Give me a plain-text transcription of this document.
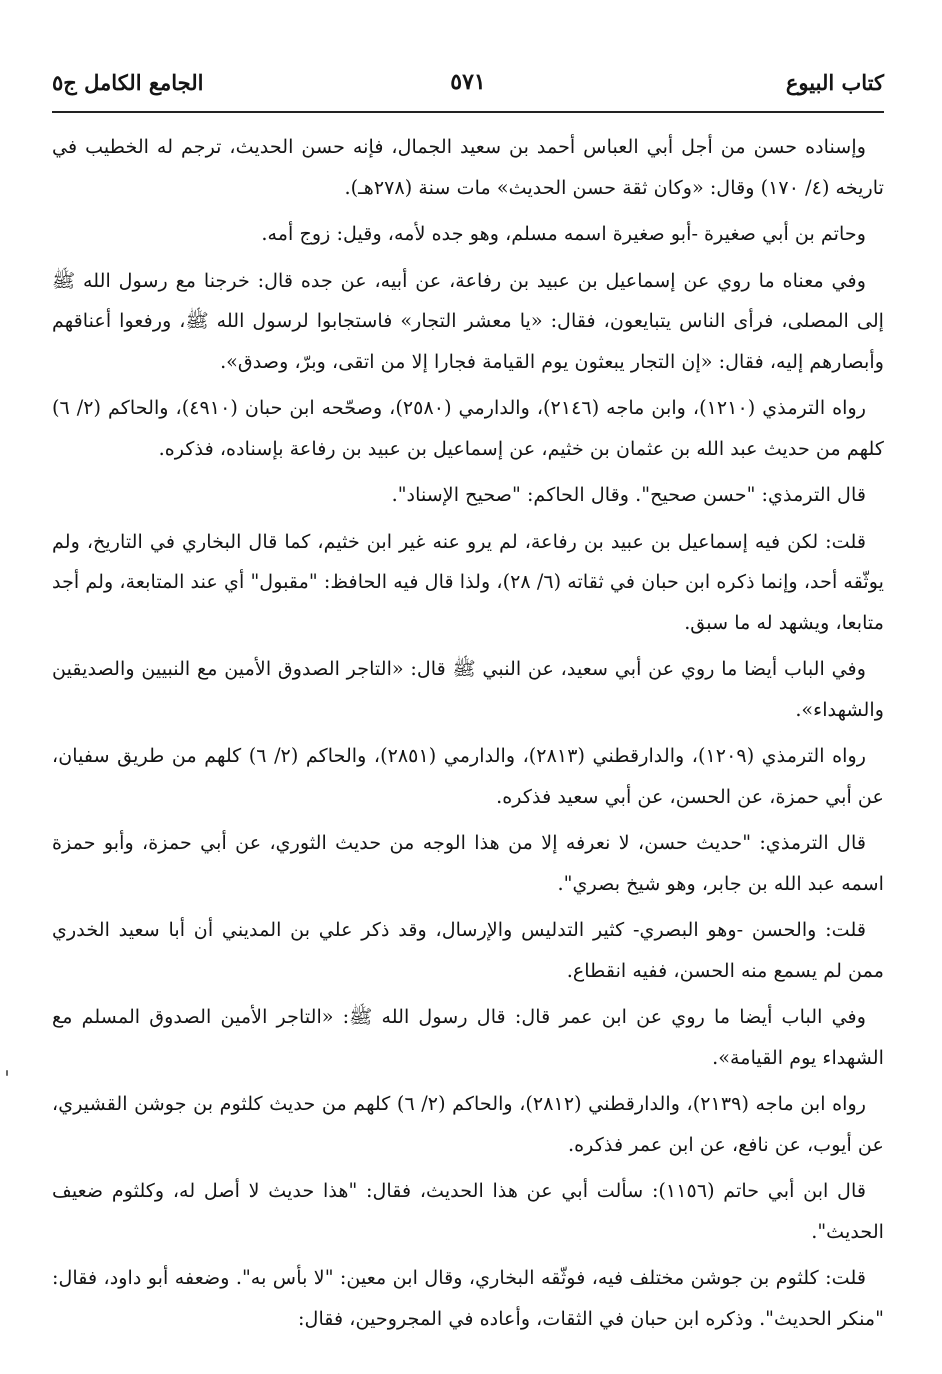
كتاب البيوع
٥٧١
الجامع الكامل ج٥

وإسناده حسن من أجل أبي العباس أحمد بن سعيد الجمال، فإنه حسن الحديث، ترجم له الخطيب في تاريخه (٤/ ١٧٠) وقال: «وكان ثقة حسن الحديث» مات سنة (٢٧٨هـ).

وحاتم بن أبي صغيرة -أبو صغيرة اسمه مسلم، وهو جده لأمه، وقيل: زوج أمه.

وفي معناه ما روي عن إسماعيل بن عبيد بن رفاعة، عن أبيه، عن جده قال: خرجنا مع رسول الله ﷺ إلى المصلى، فرأى الناس يتبايعون، فقال: «يا معشر التجار» فاستجابوا لرسول الله ﷺ، ورفعوا أعناقهم وأبصارهم إليه، فقال: «إن التجار يبعثون يوم القيامة فجارا إلا من اتقى، وبرّ، وصدق».

رواه الترمذي (١٢١٠)، وابن ماجه (٢١٤٦)، والدارمي (٢٥٨٠)، وصحّحه ابن حبان (٤٩١٠)، والحاكم (٢/ ٦) كلهم من حديث عبد الله بن عثمان بن خثيم، عن إسماعيل بن عبيد بن رفاعة بإسناده، فذكره.

قال الترمذي: "حسن صحيح". وقال الحاكم: "صحيح الإسناد".

قلت: لكن فيه إسماعيل بن عبيد بن رفاعة، لم يرو عنه غير ابن خثيم، كما قال البخاري في التاريخ، ولم يوثّقه أحد، وإنما ذكره ابن حبان في ثقاته (٦/ ٢٨)، ولذا قال فيه الحافظ: "مقبول" أي عند المتابعة، ولم أجد متابعا، ويشهد له ما سبق.

وفي الباب أيضا ما روي عن أبي سعيد، عن النبي ﷺ قال: «التاجر الصدوق الأمين مع النبيين والصديقين والشهداء».

رواه الترمذي (١٢٠٩)، والدارقطني (٢٨١٣)، والدارمي (٢٨٥١)، والحاكم (٢/ ٦) كلهم من طريق سفيان، عن أبي حمزة، عن الحسن، عن أبي سعيد فذكره.

قال الترمذي: "حديث حسن، لا نعرفه إلا من هذا الوجه من حديث الثوري، عن أبي حمزة، وأبو حمزة اسمه عبد الله بن جابر، وهو شيخ بصري".

قلت: والحسن -وهو البصري- كثير التدليس والإرسال، وقد ذكر علي بن المديني أن أبا سعيد الخدري ممن لم يسمع منه الحسن، ففيه انقطاع.

وفي الباب أيضا ما روي عن ابن عمر قال: قال رسول الله ﷺ: «التاجر الأمين الصدوق المسلم مع الشهداء يوم القيامة».

رواه ابن ماجه (٢١٣٩)، والدارقطني (٢٨١٢)، والحاكم (٢/ ٦) كلهم من حديث كلثوم بن جوشن القشيري، عن أيوب، عن نافع، عن ابن عمر فذكره.

قال ابن أبي حاتم (١١٥٦): سألت أبي عن هذا الحديث، فقال: "هذا حديث لا أصل له، وكلثوم ضعيف الحديث".

قلت: كلثوم بن جوشن مختلف فيه، فوثّقه البخاري، وقال ابن معين: "لا بأس به". وضعفه أبو داود، فقال: "منكر الحديث". وذكره ابن حبان في الثقات، وأعاده في المجروحين، فقال:
